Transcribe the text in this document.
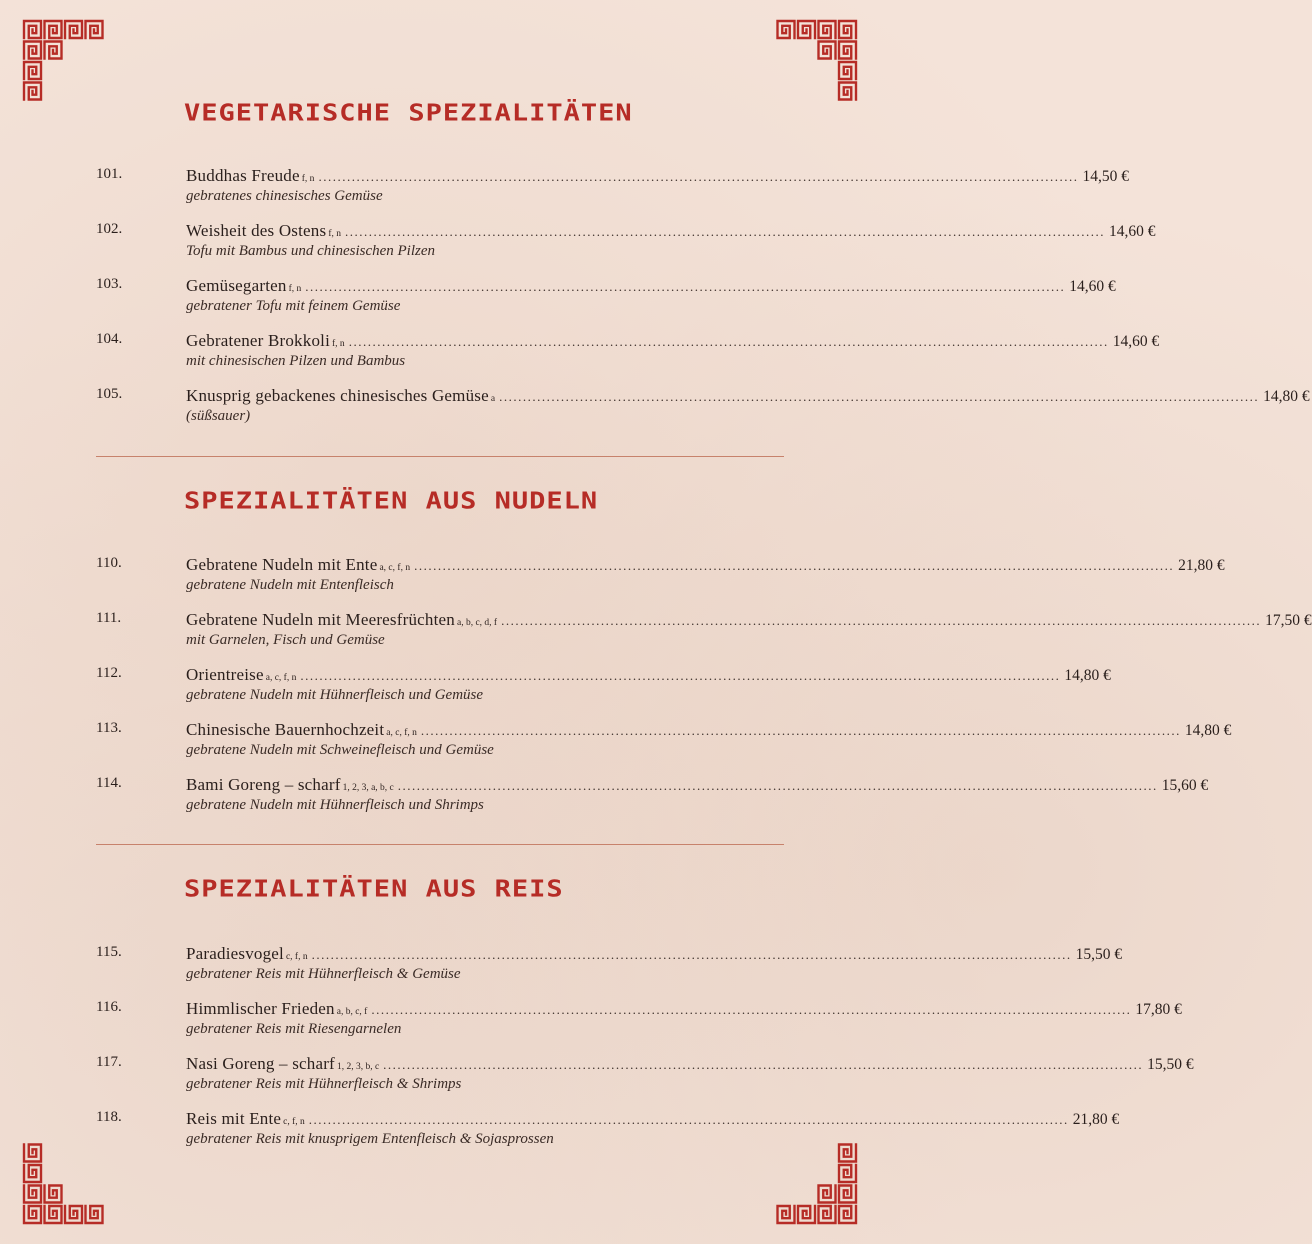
VEGETARISCHE SPEZIALITÄTEN
101.	Buddhas Freude f, n ................................................................................................................................................................ 14,50 €
gebratenes chinesisches Gemüse
102.	Weisheit des Ostens f, n ................................................................................................................................................................ 14,60 €
Tofu mit Bambus und chinesischen Pilzen
103.	Gemüsegarten f, n ................................................................................................................................................................ 14,60 €
gebratener Tofu mit feinem Gemüse
104.	Gebratener Brokkoli f, n ................................................................................................................................................................ 14,60 €
mit chinesischen Pilzen und Bambus
105.	Knusprig gebackenes chinesisches Gemüse a ................................................................................................................................................................ 14,80 €
(süßsauer)
SPEZIALITÄTEN AUS NUDELN
110.	Gebratene Nudeln mit Ente a, c, f, n ................................................................................................................................................................ 21,80 €
gebratene Nudeln mit Entenfleisch
111.	Gebratene Nudeln mit Meeresfrüchten a, b, c, d, f ................................................................................................................................................................ 17,50 €
mit Garnelen, Fisch und Gemüse
112.	Orientreise a, c, f, n ................................................................................................................................................................ 14,80 €
gebratene Nudeln mit Hühnerfleisch und Gemüse
113.	Chinesische Bauernhochzeit a, c, f, n ................................................................................................................................................................ 14,80 €
gebratene Nudeln mit Schweinefleisch und Gemüse
114.	Bami Goreng – scharf 1, 2, 3, a, b, c ................................................................................................................................................................ 15,60 €
gebratene Nudeln mit Hühnerfleisch und Shrimps
SPEZIALITÄTEN AUS REIS
115.	Paradiesvogel c, f, n ................................................................................................................................................................ 15,50 €
gebratener Reis mit Hühnerfleisch & Gemüse
116.	Himmlischer Frieden a, b, c, f ................................................................................................................................................................ 17,80 €
gebratener Reis mit Riesengarnelen
117.	Nasi Goreng – scharf 1, 2, 3, b, c ................................................................................................................................................................ 15,50 €
gebratener Reis mit Hühnerfleisch & Shrimps
118.	Reis mit Ente c, f, n ................................................................................................................................................................ 21,80 €
gebratener Reis mit knusprigem Entenfleisch & Sojasprossen
